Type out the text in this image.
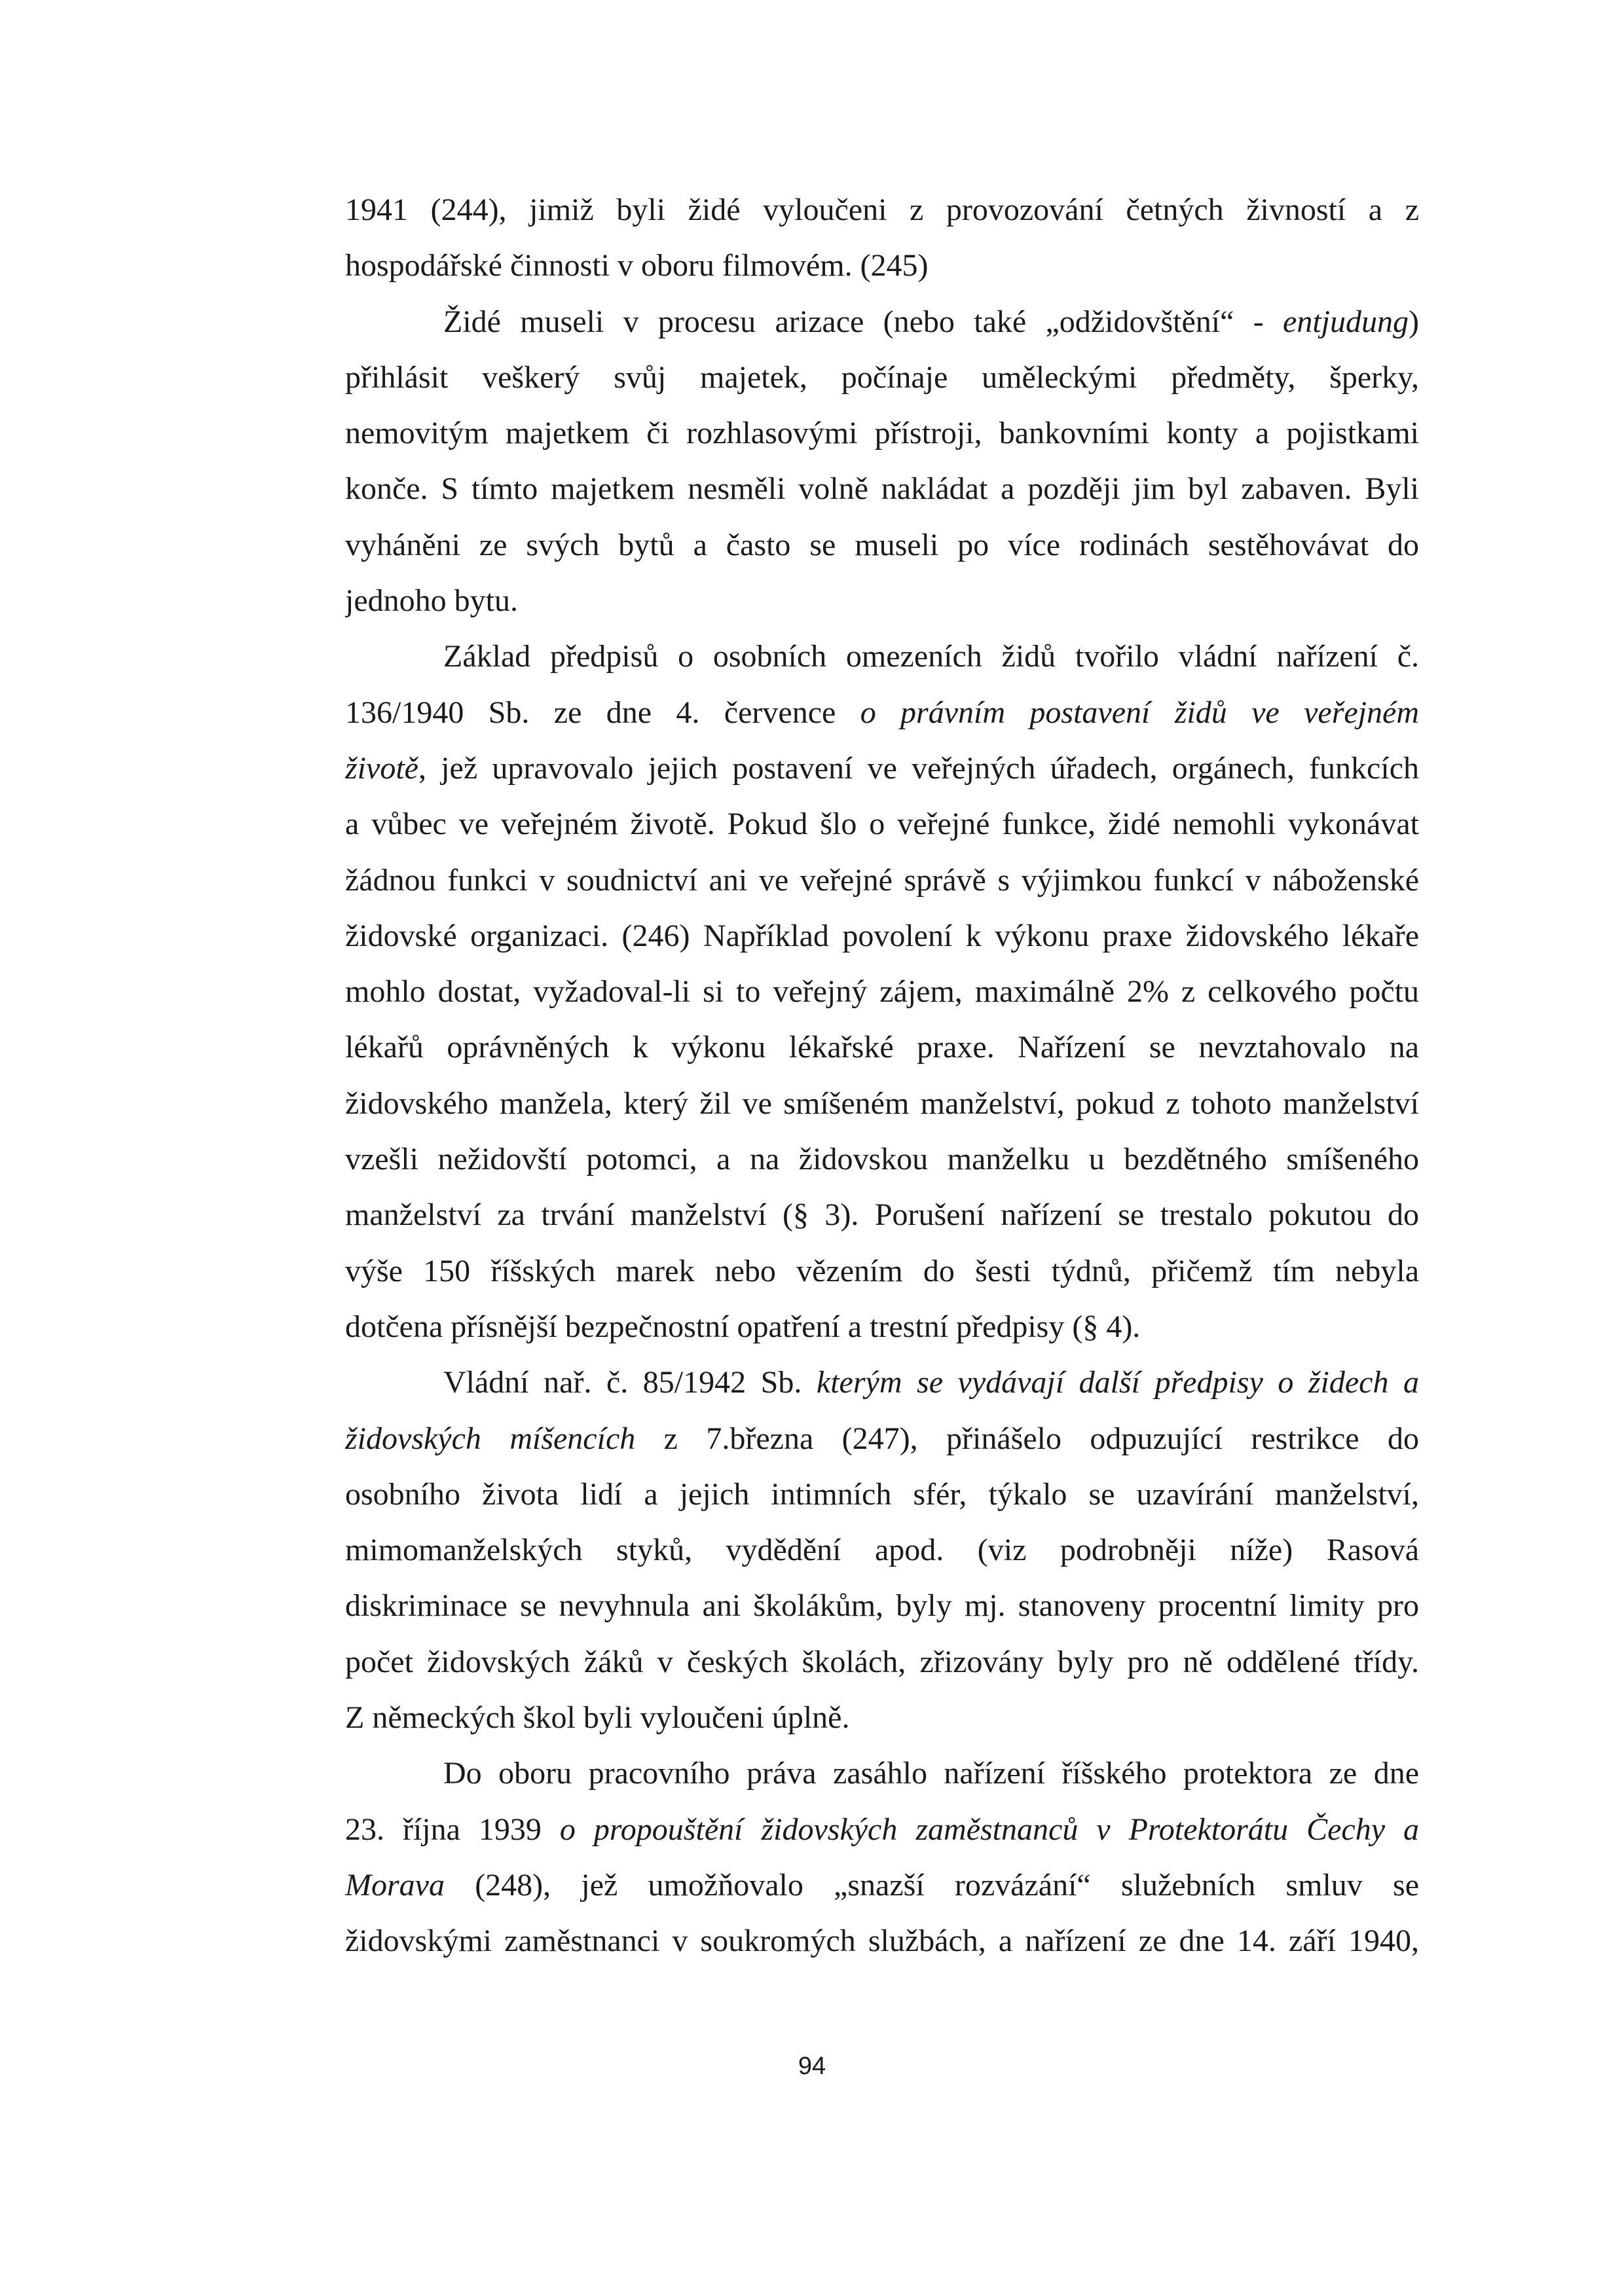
1941 (244), jimiž byli židé vyloučeni z provozování četných živností a z
hospodářské činnosti v oboru filmovém. (245)
Židé museli v procesu arizace (nebo také „odžidovštění“ - entjudung)
přihlásit veškerý svůj majetek, počínaje uměleckými předměty, šperky,
nemovitým majetkem či rozhlasovými přístroji, bankovními konty a pojistkami
konče. S tímto majetkem nesměli volně nakládat a později jim byl zabaven. Byli
vyháněni ze svých bytů a často se museli po více rodinách sestěhovávat do
jednoho bytu.
Základ předpisů o osobních omezeních židů tvořilo vládní nařízení č.
136/1940 Sb. ze dne 4. července o právním postavení židů ve veřejném
životě, jež upravovalo jejich postavení ve veřejných úřadech, orgánech, funkcích
a vůbec ve veřejném životě. Pokud šlo o veřejné funkce, židé nemohli vykonávat
žádnou funkci v soudnictví ani ve veřejné správě s výjimkou funkcí v náboženské
židovské organizaci. (246) Například povolení k výkonu praxe židovského lékaře
mohlo dostat, vyžadoval-li si to veřejný zájem, maximálně 2% z celkového počtu
lékařů oprávněných k výkonu lékařské praxe. Nařízení se nevztahovalo na
židovského manžela, který žil ve smíšeném manželství, pokud z tohoto manželství
vzešli nežidovští potomci, a na židovskou manželku u bezdětného smíšeného
manželství za trvání manželství (§ 3). Porušení nařízení se trestalo pokutou do
výše 150 říšských marek nebo vězením do šesti týdnů, přičemž tím nebyla
dotčena přísnější bezpečnostní opatření a trestní předpisy (§ 4).
Vládní nař. č. 85/1942 Sb. kterým se vydávají další předpisy o židech a
židovských míšencích z 7.března (247), přinášelo odpuzující restrikce do
osobního života lidí a jejich intimních sfér, týkalo se uzavírání manželství,
mimomanželských styků, vydědění apod. (viz podrobněji níže) Rasová
diskriminace se nevyhnula ani školákům, byly mj. stanoveny procentní limity pro
počet židovských žáků v českých školách, zřizovány byly pro ně oddělené třídy.
Z německých škol byli vyloučeni úplně.
Do oboru pracovního práva zasáhlo nařízení říšského protektora ze dne
23. října 1939 o propouštění židovských zaměstnanců v Protektorátu Čechy a
Morava (248), jež umožňovalo „snazší rozvázání“ služebních smluv se
židovskými zaměstnanci v soukromých službách, a nařízení ze dne 14. září 1940,
94
